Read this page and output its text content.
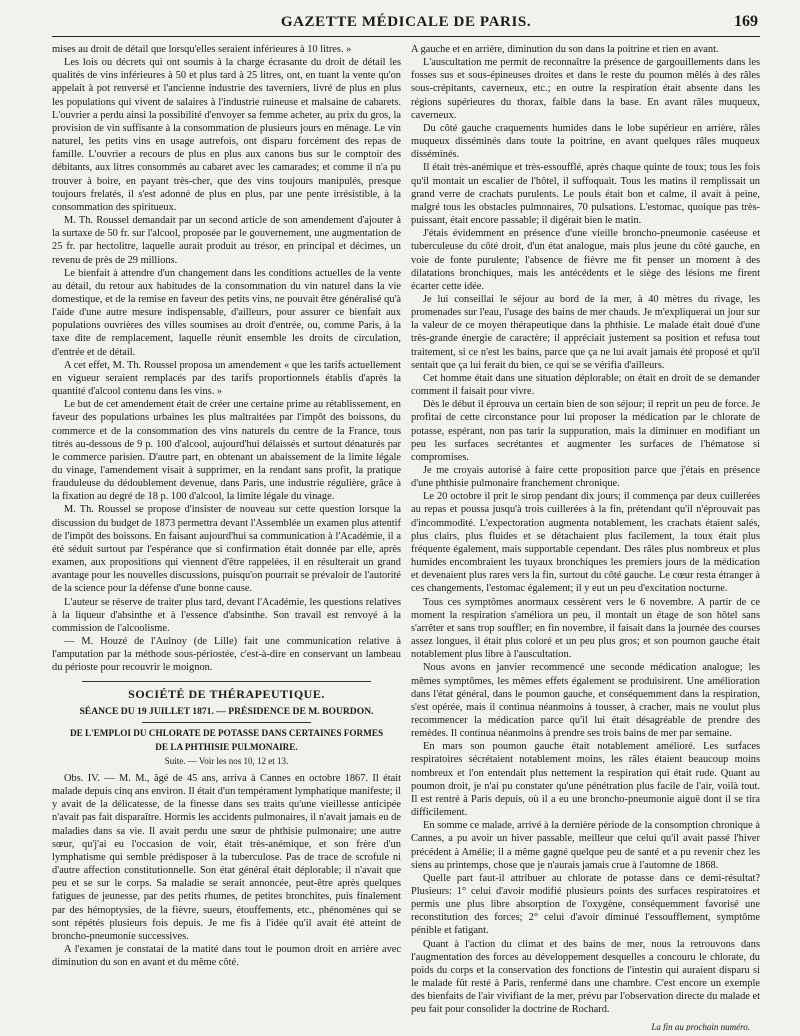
GAZETTE MÉDICALE DE PARIS.	169

mises au droit de détail que lorsqu'elles seraient inférieures à 10 litres. »

Les lois ou décrets qui ont soumis à la charge écrasante du droit de détail les qualités de vins inférieures à 50 et plus tard à 25 litres, ont, en tuant la vente qu'on appelait à pot renversé et l'ancienne industrie des taverniers, livré de plus en plus les populations qui vivent de salaires à l'industrie ruineuse et malsaine de cabarets. L'ouvrier a perdu ainsi la possibilité d'envoyer sa femme acheter, au prix du gros, la provision de vin suffisante à la consommation de plusieurs jours en ménage. Le vin naturel, les petits vins en usage autrefois, ont disparu forcément des repas de famille. L'ouvrier a recours de plus en plus aux canons bus sur le comptoir des débitants, aux litres consommés au cabaret avec les camarades; et comme il n'a pu trouver à boire, en payant très-cher, que des vins toujours manipulés, presque toujours frelatés, il s'est adonné de plus en plus, par une pente irrésistible, à la consommation des spiritueux.

M. Th. Roussel demandait par un second article de son amendement d'ajouter à la surtaxe de 50 fr. sur l'alcool, proposée par le gouvernement, une augmentation de 25 fr. par hectolitre, laquelle aurait produit au trésor, en principal et décimes, un revenu de près de 29 millions.

Le bienfait à attendre d'un changement dans les conditions actuelles de la vente au détail, du retour aux habitudes de la consommation du vin naturel dans la vie domestique, et de la remise en faveur des petits vins, ne pouvait être généralisé qu'à l'aide d'une autre mesure indispensable, d'ailleurs, pour assurer ce bienfait aux populations ouvrières des villes soumises au droit d'entrée, ou, comme Paris, à la taxe dite de remplacement, laquelle réunit ensemble les droits de circulation, d'entrée et de détail.

A cet effet, M. Th. Roussel proposa un amendement « que les tarifs actuellement en vigueur seraient remplacés par des tarifs proportionnels établis d'après la quantité d'alcool contenu dans les vins. »

Le but de cet amendement était de créer une certaine prime au rétablissement, en faveur des populations urbaines les plus maltraitées par l'impôt des boissons, du commerce et de la consommation des vins naturels du centre de la France, tous titrés au-dessous de 9 p. 100 d'alcool, aujourd'hui délaissés et surtout dénaturés par le commerce parisien. D'autre part, en obtenant un abaissement de la limite légale du vinage, l'amendement visait à supprimer, en la rendant sans profit, la pratique frauduleuse du dédoublement devenue, dans Paris, une industrie régulière, grâce à la fixation au degré de 18 p. 100 d'alcool, la limite légale du vinage.

M. Th. Roussel se propose d'insister de nouveau sur cette question lorsque la discussion du budget de 1873 permettra devant l'Assemblée un examen plus attentif de l'impôt des boissons. En faisant aujourd'hui sa communication à l'Académie, il a été séduit surtout par l'espérance que si confirmation était donnée par elle, après examen, aux propositions qui viennent d'être rappelées, il en résulterait un grand avantage pour les nouvelles discussions, puisqu'on pourrait se prévaloir de l'autorité de la science pour la défense d'une bonne cause.

L'auteur se réserve de traiter plus tard, devant l'Académie, les questions relatives à la liqueur d'absinthe et à l'essence d'absinthe. Son travail est renvoyé à la commission de l'alcoolisme.

— M. Houzé de l'Aulnoy (de Lille) fait une communication relative à l'amputation par la méthode sous-périostée, c'est-à-dire en conservant un lambeau du périoste pour recouvrir le moignon.

SOCIÉTÉ DE THÉRAPEUTIQUE.
SÉANCE DU 19 JUILLET 1871. — PRÉSIDENCE DE M. BOURDON.
DE L'EMPLOI DU CHLORATE DE POTASSE DANS CERTAINES FORMES
DE LA PHTHISIE PULMONAIRE.
Suite. — Voir les nos 10, 12 et 13.

Obs. IV. — M. M., âgé de 45 ans, arriva à Cannes en octobre 1867. Il était malade depuis cinq ans environ. Il était d'un tempérament lymphatique manifeste; il y avait de la délicatesse, de la finesse dans ses traits qu'une vieillesse anticipée n'avait pas fait disparaître. Hormis les accidents pulmonaires, il n'avait jamais eu de maladies dans sa vie. Il avait perdu une sœur de phthisie pulmonaire; une autre sœur, qu'j'ai eu l'occasion de voir, était très-anémique, et son frère d'un lymphatisme qui semble prédisposer à la tuberculose. Pas de trace de scrofule ni d'autre affection constitutionnelle. Son état général était déplorable; il n'avait que peu et se sur le corps. Sa maladie se serait annoncée, peut-être après quelques fatigues de jeunesse, par des petits rhumes, de petites bronchites, puis finalement par des hémoptysies, de la fièvre, sueurs, étouffements, etc., phénomènes qui se sont répétés plusieurs fois depuis. Je me fis à l'idée qu'il avait été atteint de broncho-pneumonie successives.

A l'examen je constatai de la matité dans tout le poumon droit en arrière avec diminution du son en avant et du même côté.

A gauche et en arrière, diminution du son dans la poitrine et rien en avant.

L'auscultation me permit de reconnaître la présence de gargouillements dans les fosses sus et sous-épineuses droites et dans le reste du poumon mêlés à des râles sous-crépitants, caverneux, etc.; en outre la respiration était absente dans les régions supérieures du thorax, faible dans la base. En avant râles muqueux, caverneux.

Du côté gauche craquements humides dans le lobe supérieur en arrière, râles muqueux disséminés dans toute la poitrine, en avant quelques râles muqueux disséminés.

Il était très-anémique et très-essoufflé, après chaque quinte de toux; tous les fois qu'il montait un escalier de l'hôtel, il suffoquait. Tous les matins il remplissait un grand verre de crachats purulents. Le pouls était bon et calme, il avait à peine, malgré tous les obstacles pulmonaires, 70 pulsations. L'estomac, quoique pas très-puissant, était encore passable; il digérait bien le matin.

J'étais évidemment en présence d'une vieille broncho-pneumonie caséeuse et tuberculeuse du côté droit, d'un état analogue, mais plus jeune du côté gauche, en voie de fonte purulente; l'absence de fièvre me fit penser un moment à des dilatations bronchiques, mais les antécédents et le siège des lésions me firent écarter cette idée.

Je lui conseillai le séjour au bord de la mer, à 40 mètres du rivage, les promenades sur l'eau, l'usage des bains de mer chauds. Je m'expliquerai un jour sur la valeur de ce moyen thérapeutique dans la phthisie. Le malade était doué d'une très-grande énergie de caractère; il appréciait justement sa position et refusa tout traitement, si ce n'est les bains, parce que ça ne lui avait jamais été proposé et qu'il sentait que ça lui ferait du bien, ce qui se se vérifia d'ailleurs.

Cet homme était dans une situation déplorable; on était en droit de se demander comment il faisait pour vivre.

Dès le début il éprouva un certain bien de son séjour; il reprit un peu de force. Je profitai de cette circonstance pour lui proposer la médication par le chlorate de potasse, espérant, non pas tarir la suppuration, mais la diminuer en modifiant un peu les surfaces secrétantes et augmenter les surfaces de l'hématose si compromises.

Je me croyais autorisé à faire cette proposition parce que j'étais en présence d'une phthisie pulmonaire franchement chronique.

Le 20 octobre il prit le sirop pendant dix jours; il commença par deux cuillerées au repas et poussa jusqu'à trois cuillerées à la fin, prétendant qu'il n'éprouvait pas d'incommodité. L'expectoration augmenta notablement, les crachats étaient salés, plus clairs, plus fluides et se détachaient plus facilement, la toux était plus fréquente également, mais supportable cependant. Des râles plus nombreux et plus humides encombraient les tuyaux bronchiques les premiers jours de la médication et devenaient plus rares vers la fin, surtout du côté gauche. Le cœur resta étranger à ces changements, l'estomac également; il y eut un peu d'excitation nocturne.

Tous ces symptômes anormaux cessèrent vers le 6 novembre. A partir de ce moment la respiration s'améliora un peu, il montait un étage de son hôtel sans s'arrêter et sans trop souffler; en fin novembre, il faisait dans la journée des courses assez longues, il était plus coloré et un peu plus gros; et son poumon gauche était notablement plus libre à l'auscultation.

Nous avons en janvier recommencé une seconde médication analogue; les mêmes symptômes, les mêmes effets également se produisirent. Une amélioration dans l'état général, dans le poumon gauche, et conséquemment dans la respiration, s'est opérée, mais il continua néanmoins à tousser, à cracher, mais ne voulut plus recommencer la médication parce qu'il lui était désagréable de prendre des remèdes. Il continua néanmoins à prendre ses trois bains de mer par semaine.

En mars son poumon gauche était notablement amélioré. Les surfaces respiratoires sécrétaient notablement moins, les râles étaient beaucoup moins nombreux et l'on entendait plus nettement la respiration qui était rude. Quant au poumon droit, je n'ai pu constater qu'une pénétration plus facile de l'air, voilà tout. Il est rentré à Paris depuis, où il a eu une broncho-pneumonie aiguë dont il se tira difficilement.

En somme ce malade, arrivé à la dernière période de la consomption chronique à Cannes, a pu avoir un hiver passable, meilleur que celui qu'il avait passé l'hiver précédent à Amélie; il a même gagné quelque peu de santé et a pu revenir chez les siens au printemps, chose que je n'aurais jamais crue à l'automne de 1868.

Quelle part faut-il attribuer au chlorate de potasse dans ce demi-résultat? Plusieurs: 1° celui d'avoir modifié plusieurs points des surfaces respiratoires et permis une plus libre absorption de l'oxygène, conséquemment favorisé une reconstitution des forces; 2° celui d'avoir diminué l'essoufflement, symptôme pénible et fatigant.

Quant à l'action du climat et des bains de mer, nous la retrouvons dans l'augmentation des forces au développement desquelles a concouru le chlorate, du poids du corps et la conservation des fonctions de l'intestin qui auraient disparu si le malade fût resté à Paris, renfermé dans une chambre. C'est encore un exemple des bienfaits de l'air vivifiant de la mer, prévu par l'observation directe du malade et peu fait pour consolider la doctrine de Rochard.

La fin au prochain numéro.
